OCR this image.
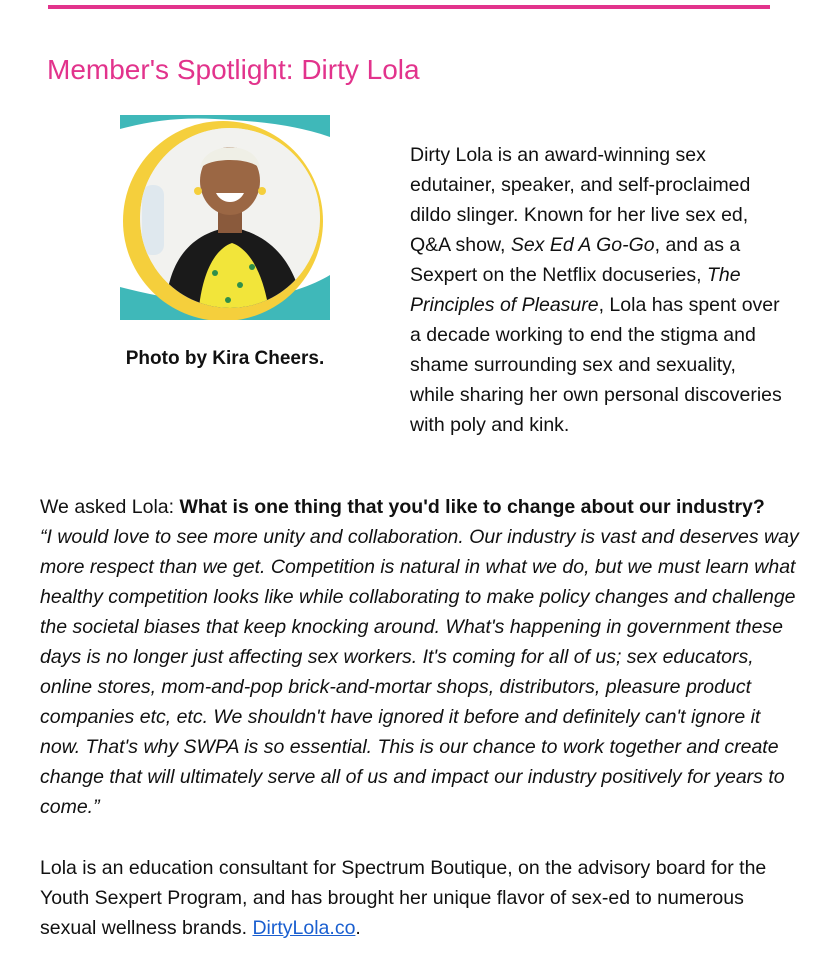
Member's Spotlight: Dirty Lola
Photo by Kira Cheers.

Dirty Lola is an award-winning sex edutainer, speaker, and self-proclaimed dildo slinger. Known for her live sex ed, Q&A show, Sex Ed A Go-Go, and as a Sexpert on the Netflix docuseries, The Principles of Pleasure, Lola has spent over a decade working to end the stigma and shame surrounding sex and sexuality, while sharing her own personal discoveries with poly and kink.

We asked Lola: What is one thing that you'd like to change about our industry?
“I would love to see more unity and collaboration. Our industry is vast and deserves way more respect than we get. Competition is natural in what we do, but we must learn what healthy competition looks like while collaborating to make policy changes and challenge the societal biases that keep knocking around. What's happening in government these days is no longer just affecting sex workers. It's coming for all of us; sex educators, online stores, mom-and-pop brick-and-mortar shops, distributors, pleasure product companies etc, etc. We shouldn't have ignored it before and definitely can't ignore it now. That's why SWPA is so essential. This is our chance to work together and create change that will ultimately serve all of us and impact our industry positively for years to come.”

Lola is an education consultant for Spectrum Boutique, on the advisory board for the Youth Sexpert Program, and has brought her unique flavor of sex-ed to numerous sexual wellness brands. DirtyLola.co.
